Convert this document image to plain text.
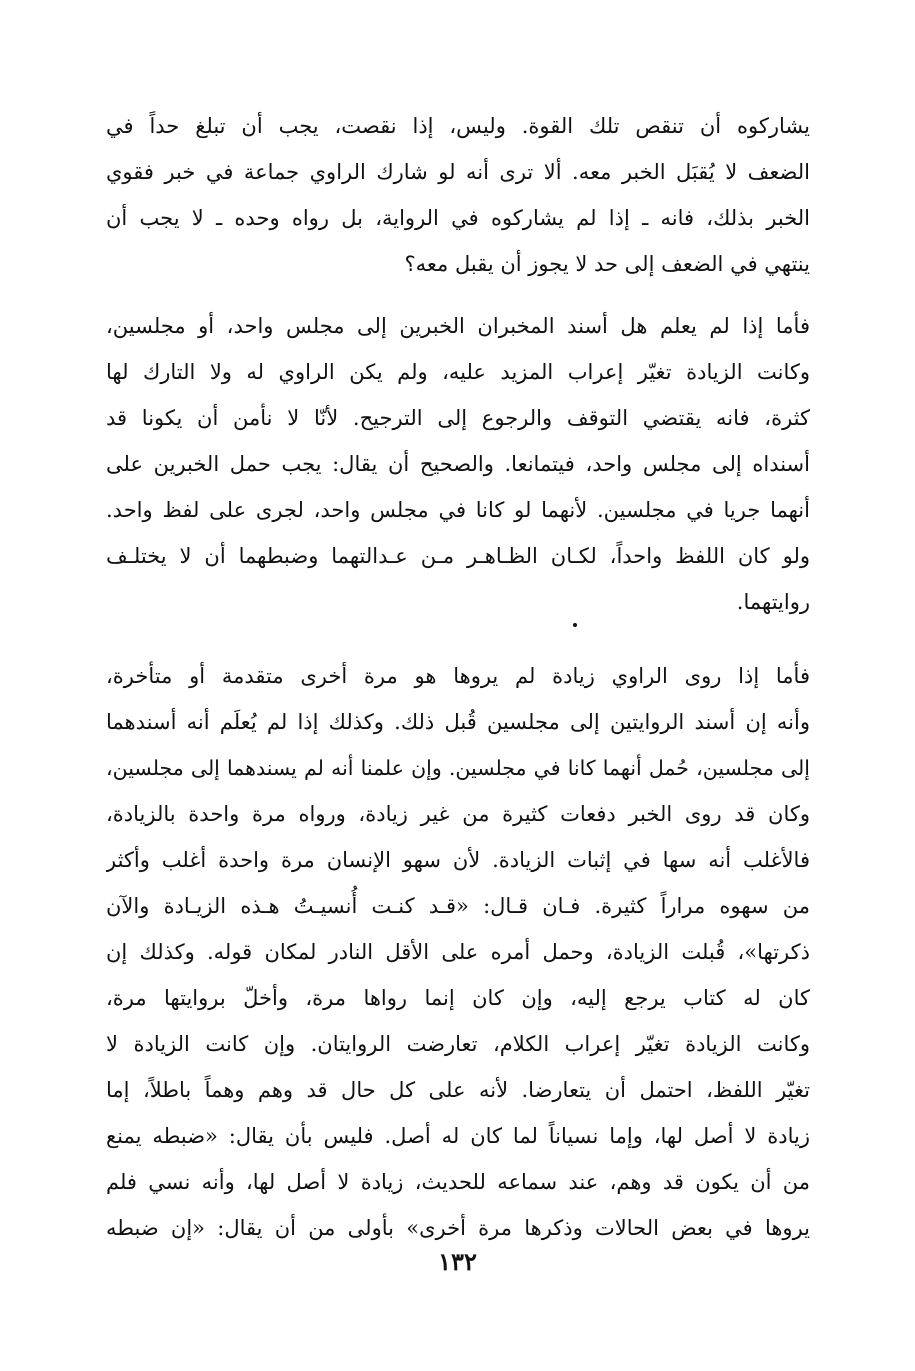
يشاركوه أن تنقص تلك القوة. وليس، إذا نقصت، يجب أن تبلغ حداً في
الضعف لا يُقبَل الخبر معه. ألا ترى أنه لو شارك الراوي جماعة في خبر فقوي
الخبر بذلك، فانه ـ إذا لم يشاركوه في الرواية، بل رواه وحده ـ لا يجب أن
ينتهي في الضعف إلى حد لا يجوز أن يقبل معه؟
فأما إذا لم يعلم هل أسند المخبران الخبرين إلى مجلس واحد، أو مجلسين،
وكانت الزيادة تغيّر إعراب المزيد عليه، ولم يكن الراوي له ولا التارك لها
كثرة، فانه يقتضي التوقف والرجوع إلى الترجيح. لأنّا لا نأمن أن يكونا قد
أسنداه إلى مجلس واحد، فيتمانعا. والصحيح أن يقال: يجب حمل الخبرين على
أنهما جريا في مجلسين. لأنهما لو كانا في مجلس واحد، لجرى على لفظ واحد.
ولو كان اللفظ واحداً، لكـان الظـاهـر مـن عـدالتهما وضبطهما أن لا يختلـف
روايتهما.
فأما إذا روى الراوي زيادة لم يروها هو مرة أخرى متقدمة أو متأخرة،
وأنه إن أسند الروايتين إلى مجلسين قُبل ذلك. وكذلك إذا لم يُعلَم أنه أسندهما
إلى مجلسين، حُمل أنهما كانا في مجلسين. وإن علمنا أنه لم يسندهما إلى مجلسين،
وكان قد روى الخبر دفعات كثيرة من غير زيادة، ورواه مرة واحدة بالزيادة،
فالأغلب أنه سها في إثبات الزيادة. لأن سهو الإنسان مرة واحدة أغلب وأكثر
من سهوه مراراً كثيرة. فـان قـال: «قـد كنـت أُنسيـتُ هـذه الزيـادة والآن
ذكرتها»، قُبلت الزيادة، وحمل أمره على الأقل النادر لمكان قوله. وكذلك إن
كان له كتاب يرجع إليه، وإن كان إنما رواها مرة، وأخلّ بروايتها مرة،
وكانت الزيادة تغيّر إعراب الكلام، تعارضت الروايتان. وإن كانت الزيادة لا
تغيّر اللفظ، احتمل أن يتعارضا. لأنه على كل حال قد وهم وهماً باطلاً، إما
زيادة لا أصل لها، وإما نسياناً لما كان له أصل. فليس بأن يقال: «ضبطه يمنع
من أن يكون قد وهم، عند سماعه للحديث، زيادة لا أصل لها، وأنه نسي فلم
يروها في بعض الحالات وذكرها مرة أخرى» بأولى من أن يقال: «إن ضبطه
١٣٢
